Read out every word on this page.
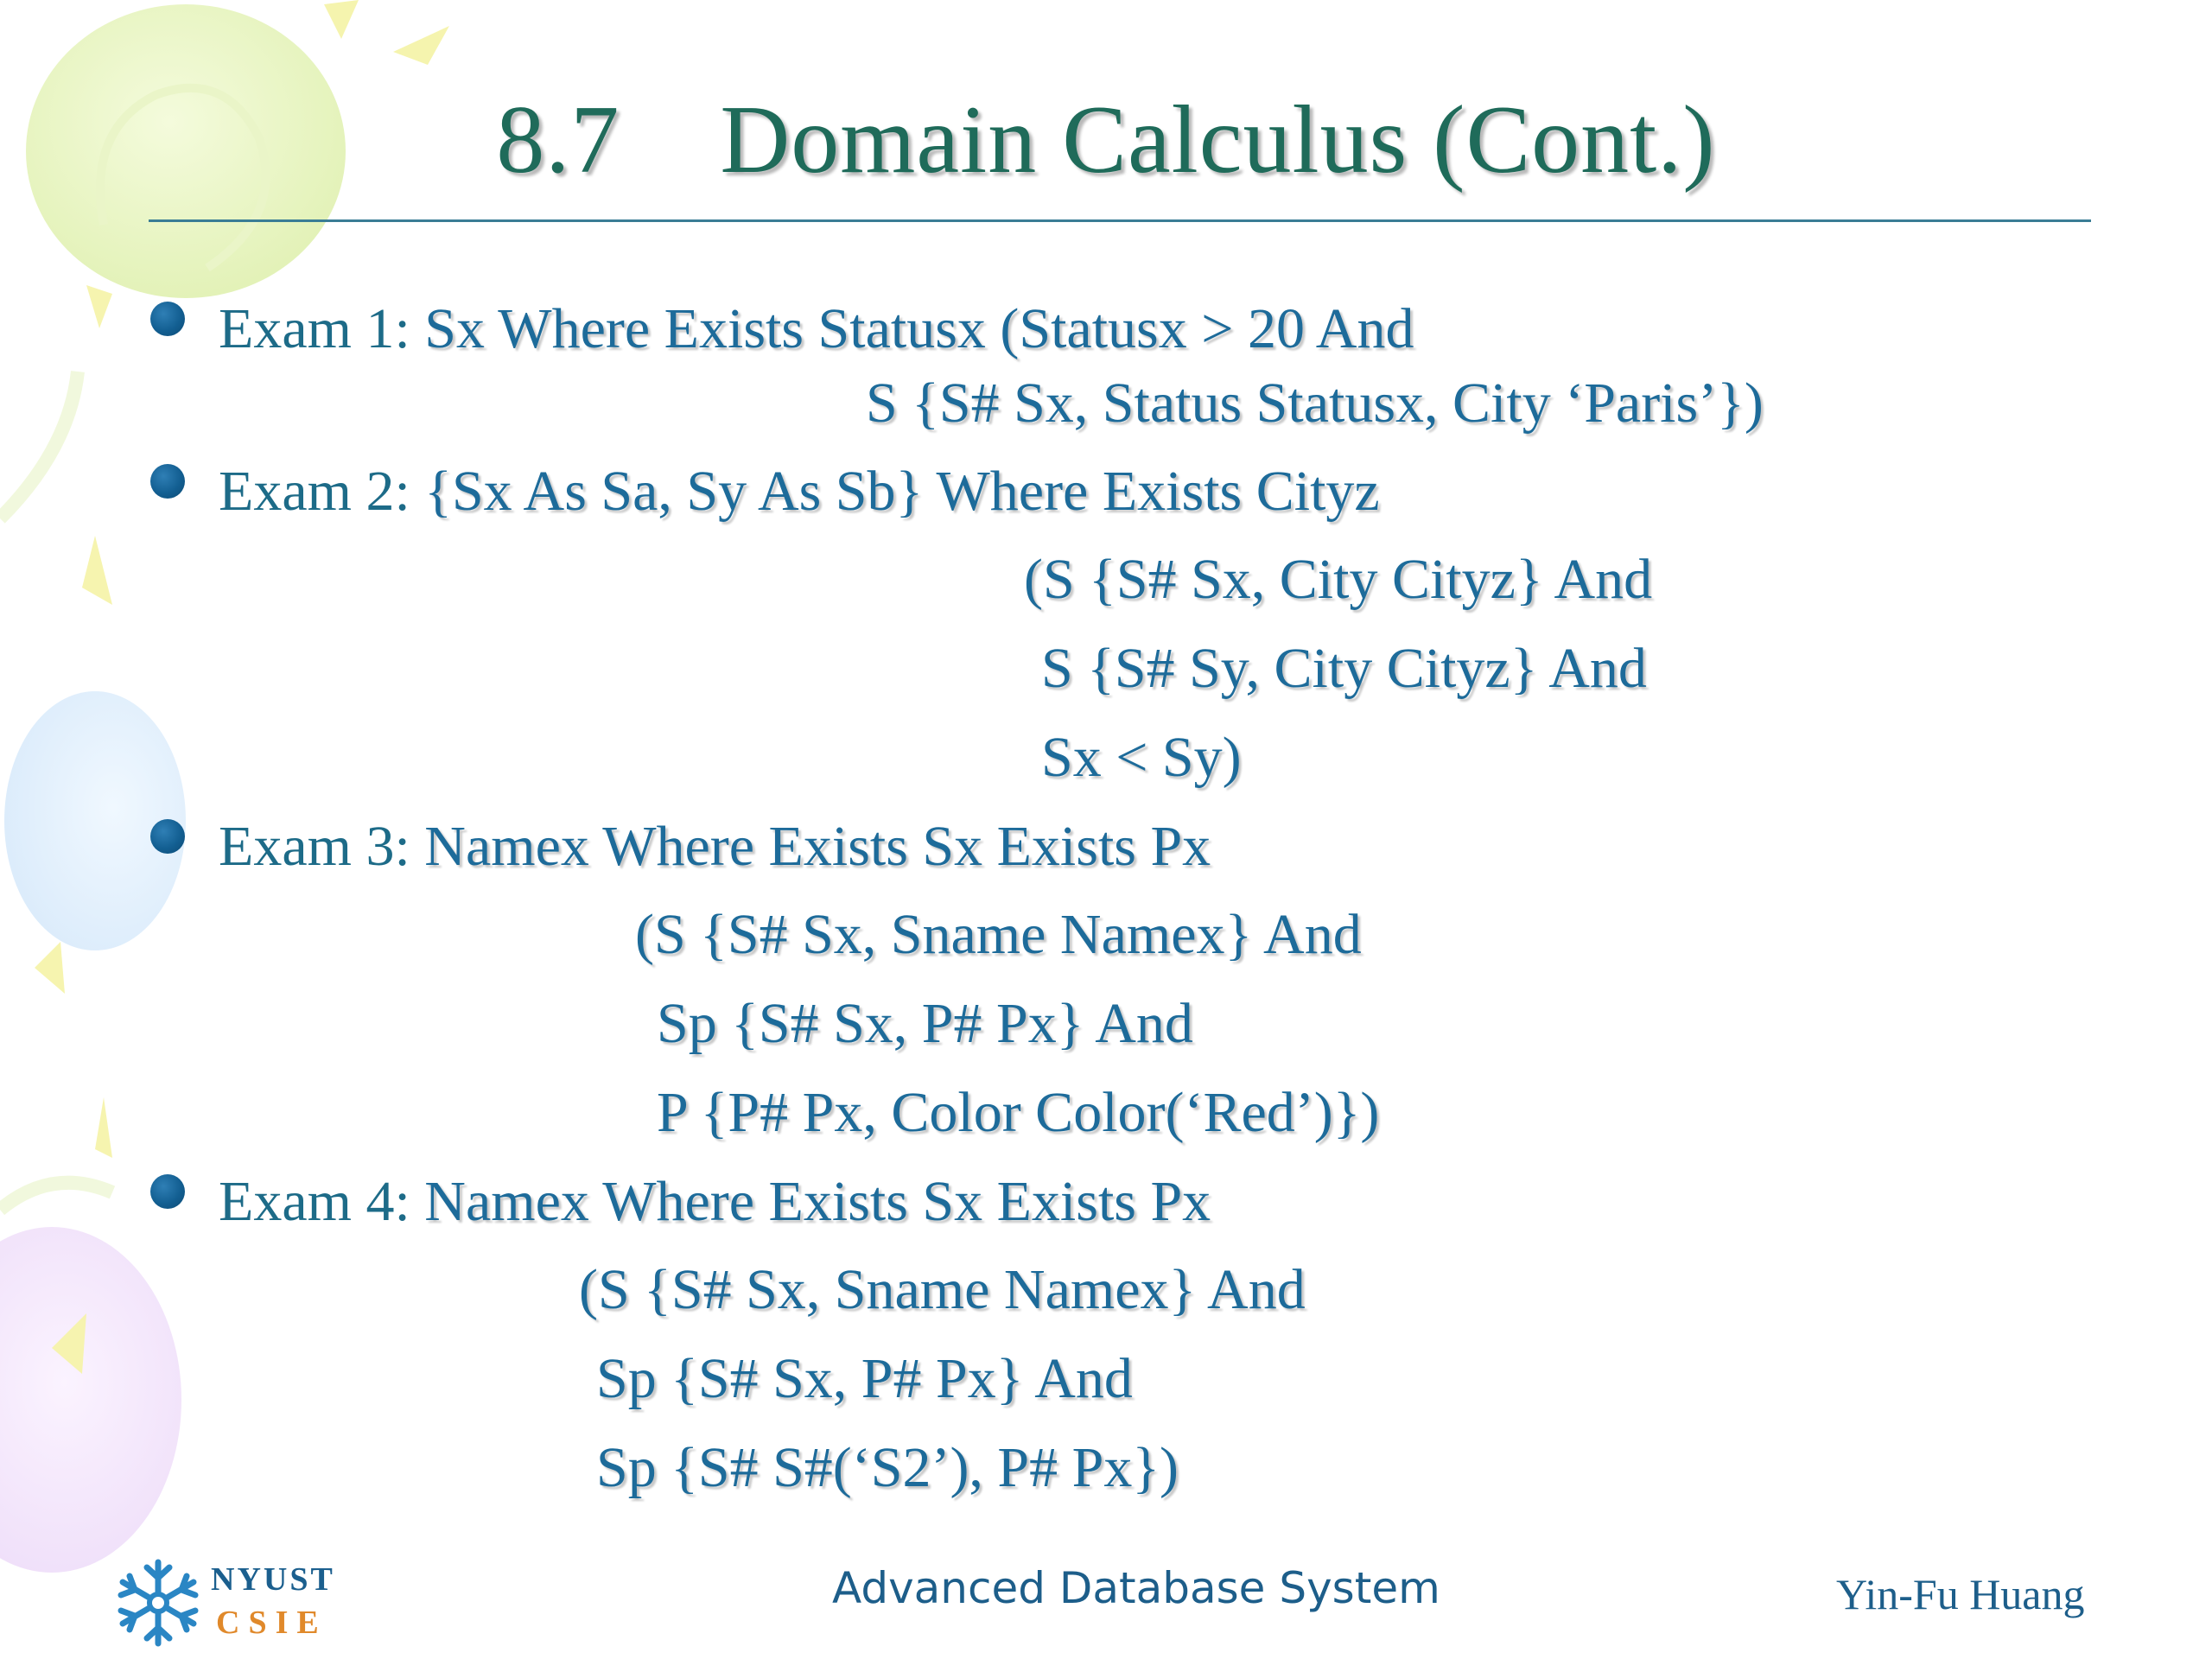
8.7    Domain Calculus (Cont.)
Exam 1: Sx Where Exists Statusx (Statusx > 20 And
S {S# Sx, Status Statusx, City ‘Paris’})
Exam 2: {Sx As Sa, Sy As Sb} Where Exists Cityz
(S {S# Sx, City Cityz} And
S {S# Sy, City Cityz} And
Sx < Sy)
Exam 3: Namex Where Exists Sx Exists Px
(S {S# Sx, Sname Namex} And
Sp {S# Sx, P# Px} And
P {P# Px, Color Color(‘Red’)})
Exam 4: Namex Where Exists Sx Exists Px
(S {S# Sx, Sname Namex} And
Sp {S# Sx, P# Px} And
Sp {S# S#(‘S2’), P# Px})
NYUST
CSIE
Advanced Database System	Yin-Fu Huang
